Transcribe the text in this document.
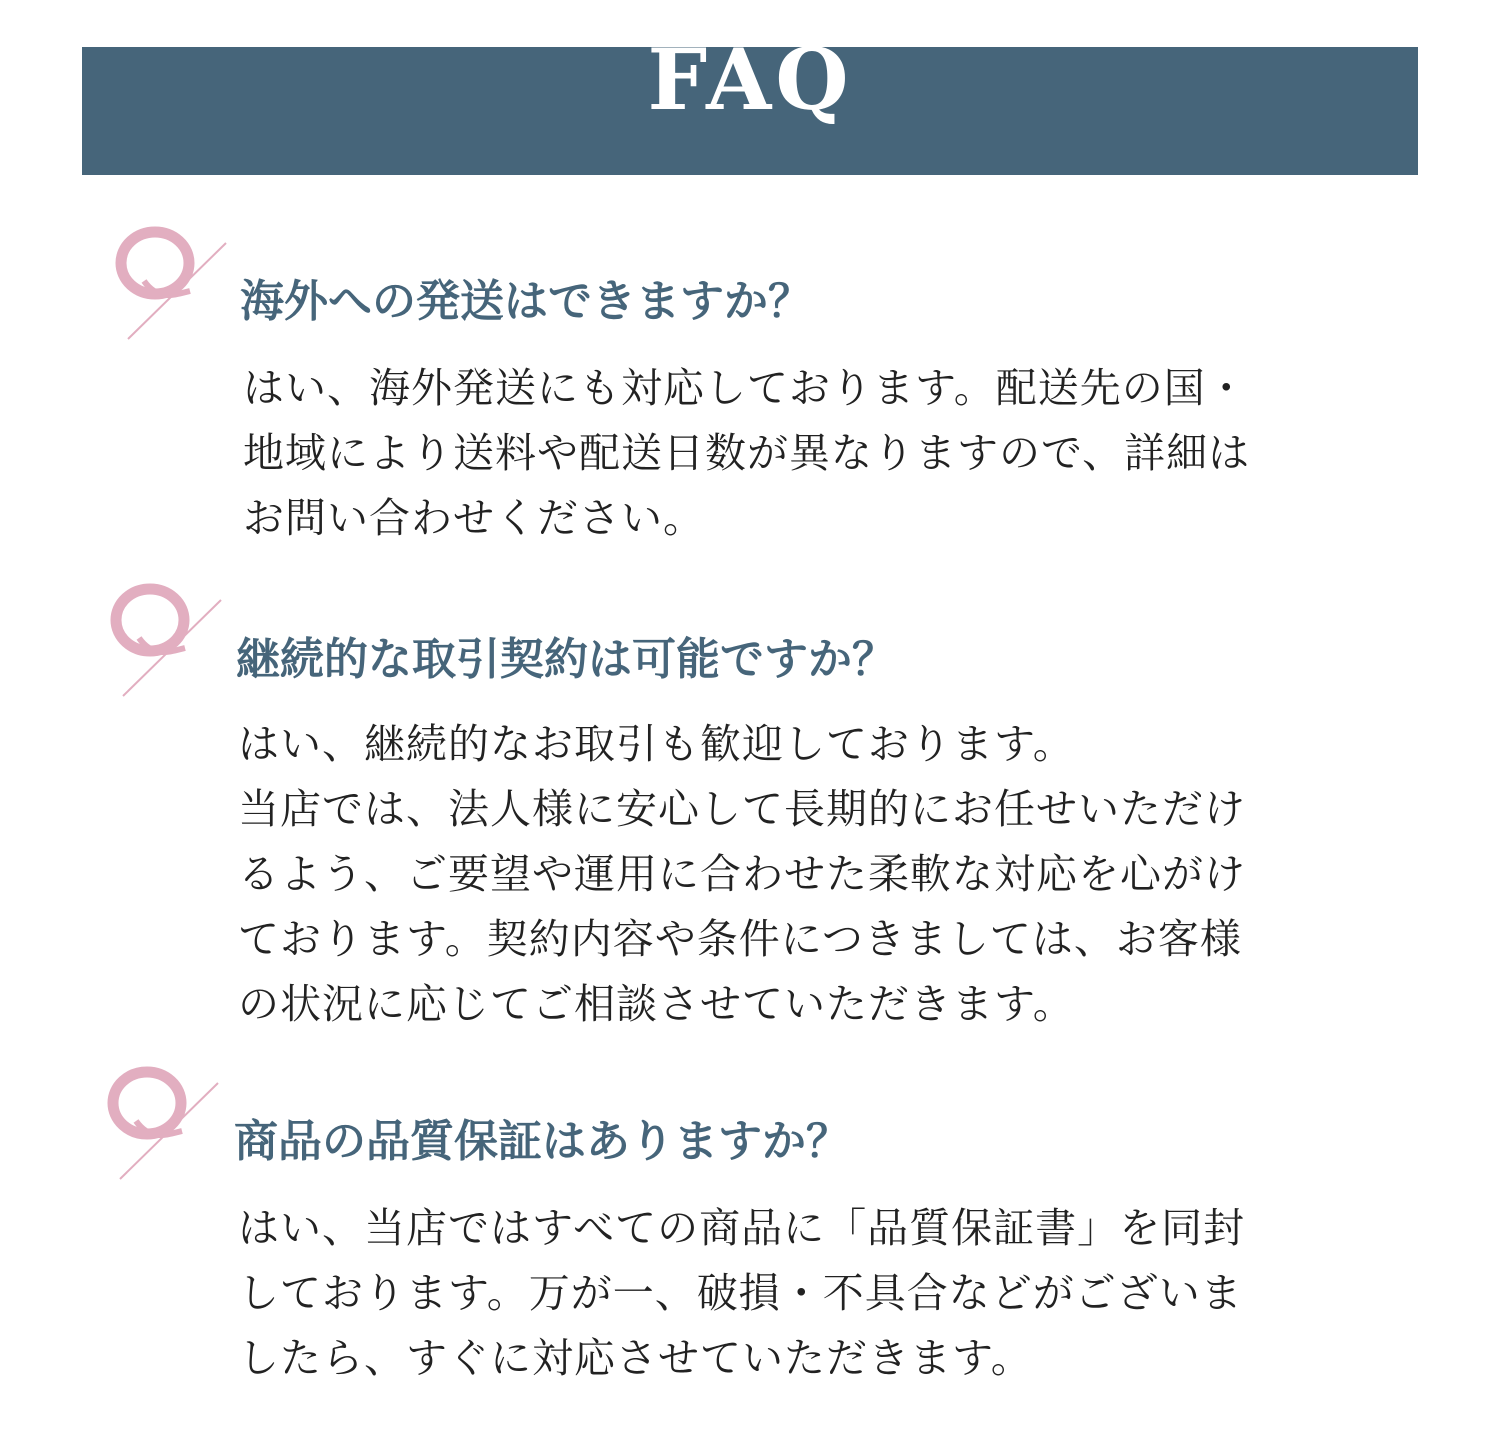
FAQ
海外への発送はできますか？

はい、海外発送にも対応しております。配送先の国・
地域により送料や配送日数が異なりますので、詳細は
お問い合わせください。

継続的な取引契約は可能ですか？

はい、継続的なお取引も歓迎しております。
当店では、法人様に安心して長期的にお任せいただけ
るよう、ご要望や運用に合わせた柔軟な対応を心がけ
ております。契約内容や条件につきましては、お客様
の状況に応じてご相談させていただきます。

商品の品質保証はありますか？

はい、当店ではすべての商品に「品質保証書」を同封
しております。万が一、破損・不具合などがございま
したら、すぐに対応させていただきます。
